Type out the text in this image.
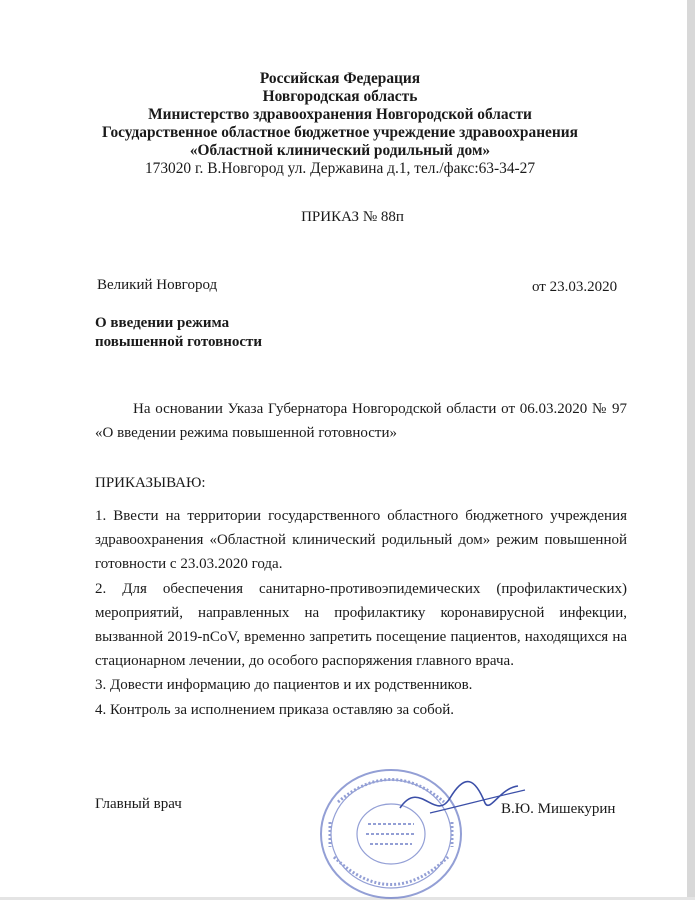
Российская Федерация
Новгородская область
Министерство здравоохранения Новгородской области
Государственное областное бюджетное учреждение здравоохранения
«Областной клинический родильный дом»
173020 г. В.Новгород ул. Державина д.1, тел./факс:63-34-27
ПРИКАЗ № 88п
Великий Новгород	от 23.03.2020
О введении режима
повышенной готовности
На основании Указа Губернатора Новгородской области от 06.03.2020 № 97 «О введении режима повышенной готовности»
ПРИКАЗЫВАЮ:

1. Ввести на территории государственного областного бюджетного учреждения здравоохранения «Областной клинический родильный дом» режим повышенной готовности с 23.03.2020 года.

2. Для обеспечения санитарно-противоэпидемических (профилактических) мероприятий, направленных на профилактику коронавирусной инфекции, вызванной 2019-nCoV, временно запретить посещение пациентов, находящихся на стационарном лечении, до особого распоряжения главного врача.

3. Довести информацию до пациентов и их родственников.

4. Контроль за исполнением приказа оставляю за собой.

Главный врач	В.Ю. Мишекурин
